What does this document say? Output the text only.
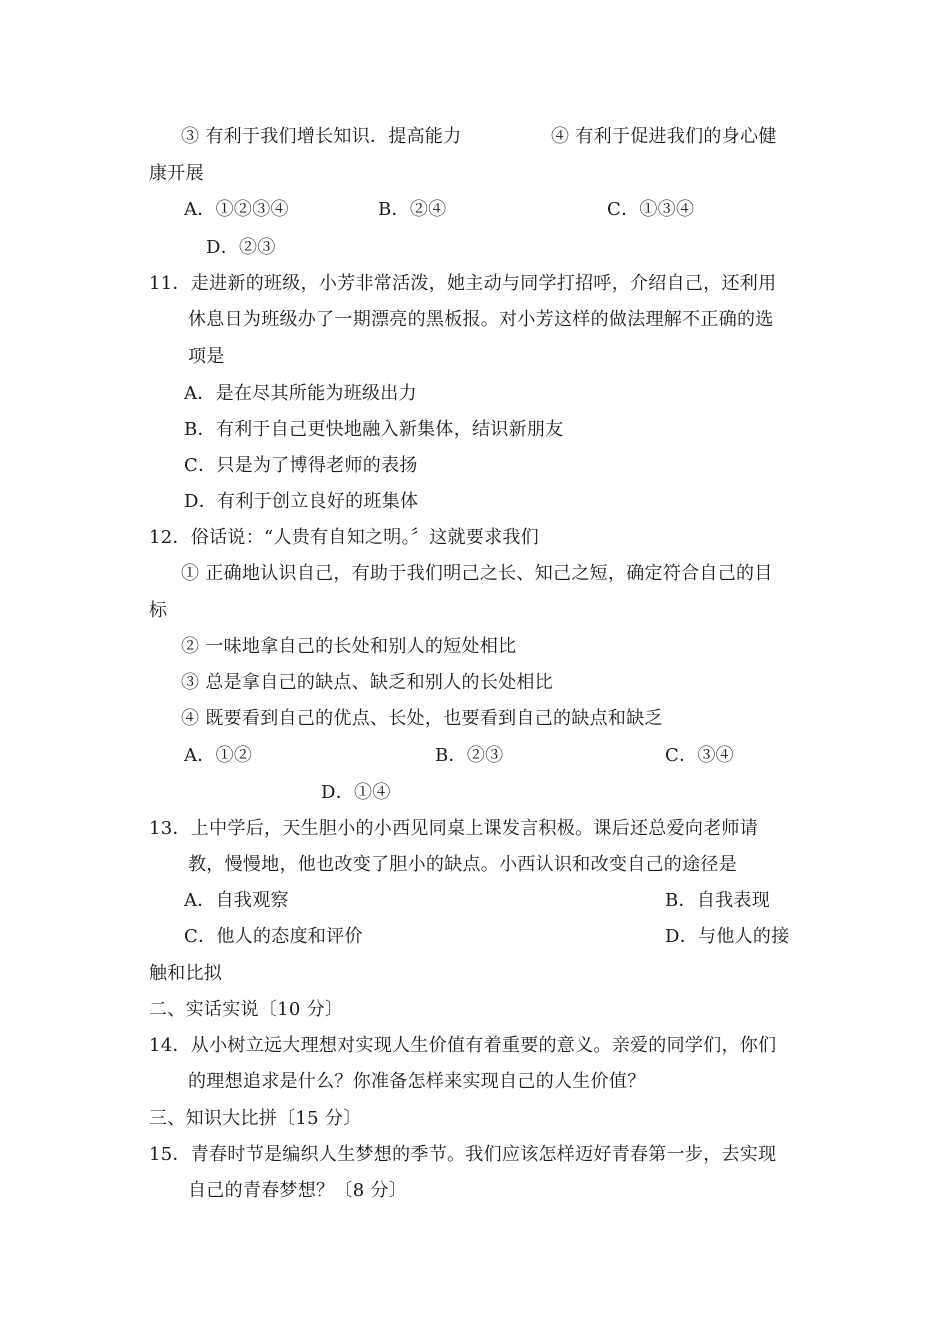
③ 有利于我们增长知识．提高能力	④ 有利于促进我们的身心健
康开展
A．①②③④	B．②④	C．①③④
D．②③
11．走进新的班级，小芳非常活泼，她主动与同学打招呼，介绍自己，还利用
休息日为班级办了一期漂亮的黑板报。对小芳这样的做法理解不正确的选
项是
A．是在尽其所能为班级出力
B．有利于自己更快地融入新集体，结识新朋友
C．只是为了博得老师的表扬
D．有利于创立良好的班集体
12．俗话说：“人贵有自知之明。〞这就要求我们
① 正确地认识自己，有助于我们明己之长、知己之短，确定符合自己的目
标
② 一味地拿自己的长处和别人的短处相比
③ 总是拿自己的缺点、缺乏和别人的长处相比
④ 既要看到自己的优点、长处，也要看到自己的缺点和缺乏
A．①②	B．②③	C．③④
D．①④
13．上中学后，天生胆小的小西见同桌上课发言积极。课后还总爱向老师请
教，慢慢地，他也改变了胆小的缺点。小西认识和改变自己的途径是
A．自我观察	B．自我表现
C．他人的态度和评价	D．与他人的接
触和比拟
二、实话实说〔10 分〕
14．从小树立远大理想对实现人生价值有着重要的意义。亲爱的同学们，你们
的理想追求是什么？你准备怎样来实现自己的人生价值？
三、知识大比拼〔15 分〕
15．青春时节是编织人生梦想的季节。我们应该怎样迈好青春第一步，去实现
自己的青春梦想？〔8 分〕
